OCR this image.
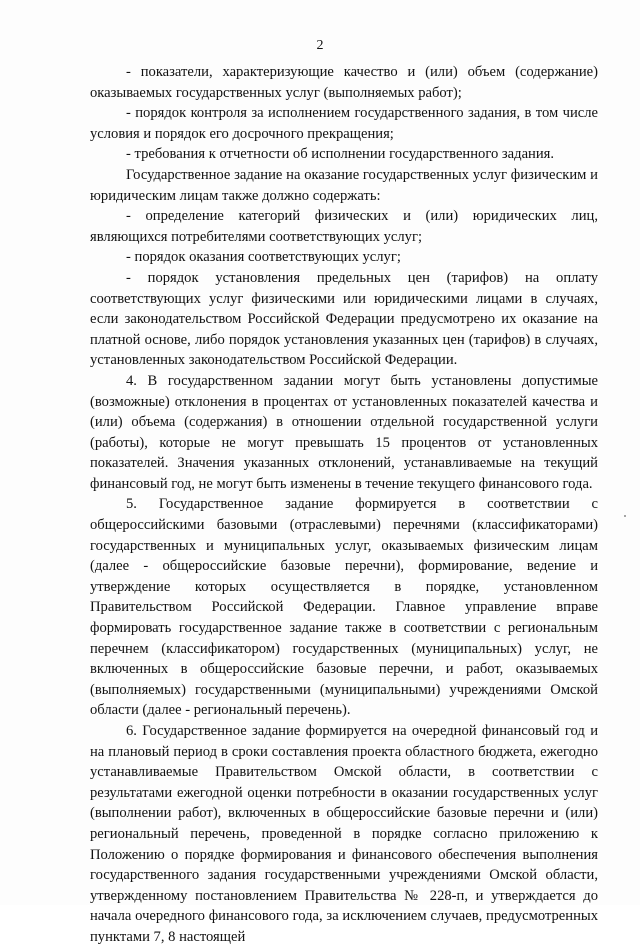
2

- показатели, характеризующие качество и (или) объем (содержание) оказываемых государственных услуг (выполняемых работ);

- порядок контроля за исполнением государственного задания, в том числе условия и порядок его досрочного прекращения;

- требования к отчетности об исполнении государственного задания.

Государственное задание на оказание государственных услуг физическим и юридическим лицам также должно содержать:

- определение категорий физических и (или) юридических лиц, являющихся потребителями соответствующих услуг;

- порядок оказания соответствующих услуг;

- порядок установления предельных цен (тарифов) на оплату соответствующих услуг физическими или юридическими лицами в случаях, если законодательством Российской Федерации предусмотрено их оказание на платной основе, либо порядок установления указанных цен (тарифов) в случаях, установленных законодательством Российской Федерации.

4. В государственном задании могут быть установлены допустимые (возможные) отклонения в процентах от установленных показателей качества и (или) объема (содержания) в отношении отдельной государственной услуги (работы), которые не могут превышать 15 процентов от установленных показателей. Значения указанных отклонений, устанавливаемые на текущий финансовый год, не могут быть изменены в течение текущего финансового года.

5. Государственное задание формируется в соответствии с общероссийскими базовыми (отраслевыми) перечнями (классификаторами) государственных и муниципальных услуг, оказываемых физическим лицам (далее - общероссийские базовые перечни), формирование, ведение и утверждение которых осуществляется в порядке, установленном Правительством Российской Федерации. Главное управление вправе формировать государственное задание также в соответствии с региональным перечнем (классификатором) государственных (муниципальных) услуг, не включенных в общероссийские базовые перечни, и работ, оказываемых (выполняемых) государственными (муниципальными) учреждениями Омской области (далее - региональный перечень).

6. Государственное задание формируется на очередной финансовый год и на плановый период в сроки составления проекта областного бюджета, ежегодно устанавливаемые Правительством Омской области, в соответствии с результатами ежегодной оценки потребности в оказании государственных услуг (выполнении работ), включенных в общероссийские базовые перечни и (или) региональный перечень, проведенной в порядке согласно приложению к Положению о порядке формирования и финансового обеспечения выполнения государственного задания государственными учреждениями Омской области, утвержденному постановлением Правительства № 228-п, и утверждается до начала очередного финансового года, за исключением случаев, предусмотренных пунктами 7, 8 настоящей
